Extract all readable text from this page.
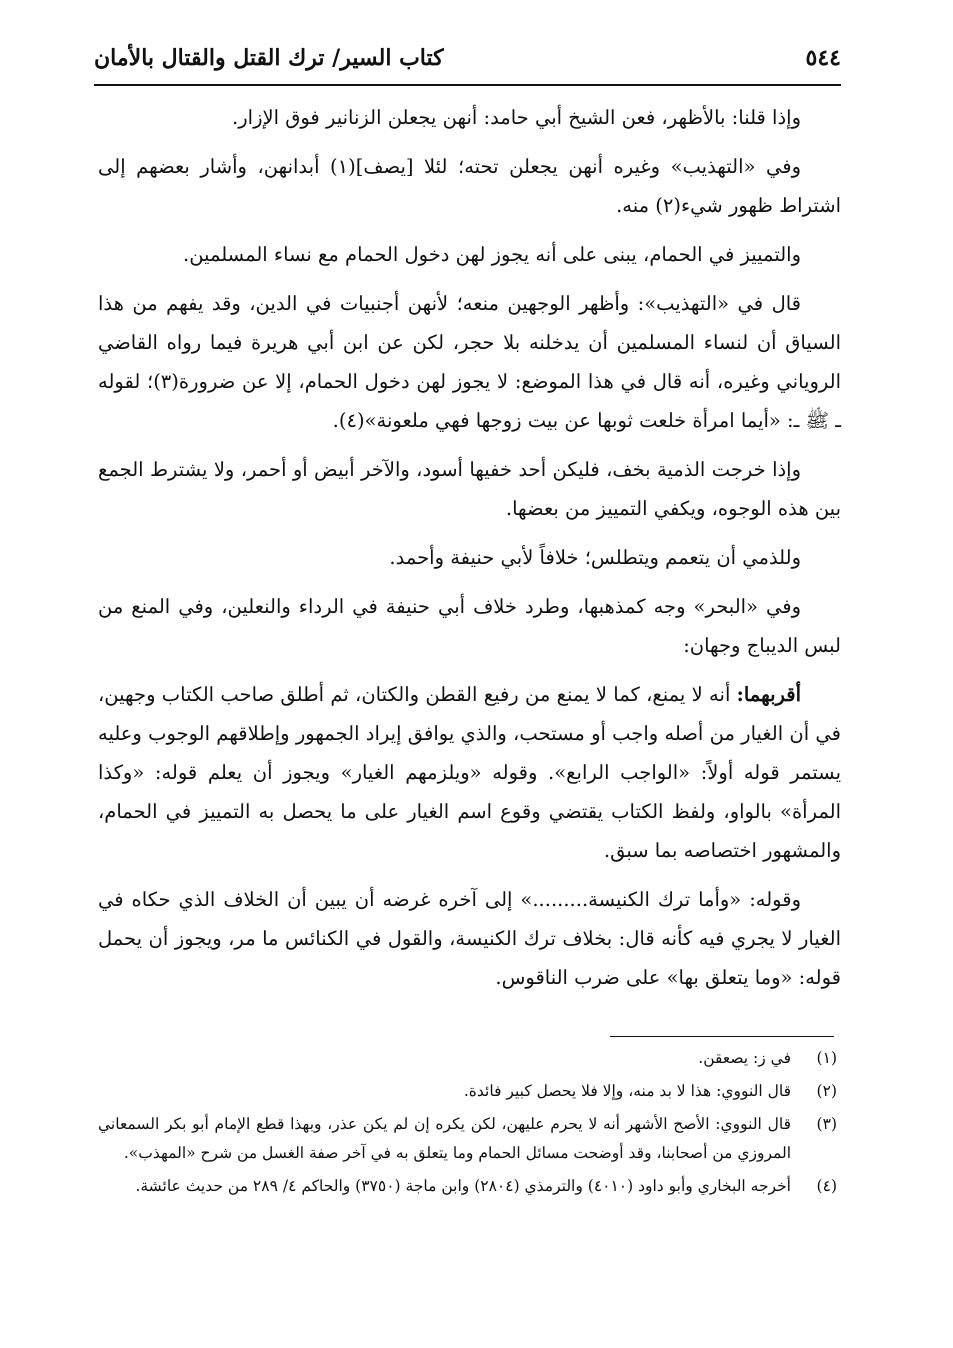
٥٤٤
كتاب السير/ ترك القتل والقتال بالأمان

وإذا قلنا: بالأظهر، فعن الشيخ أبي حامد: أنهن يجعلن الزنانير فوق الإزار.

وفي «التهذيب» وغيره أنهن يجعلن تحته؛ لئلا [يصف](١) أبدانهن، وأشار بعضهم إلى اشتراط ظهور شيء(٢) منه.

والتمييز في الحمام، يبنى على أنه يجوز لهن دخول الحمام مع نساء المسلمين.

قال في «التهذيب»: وأظهر الوجهين منعه؛ لأنهن أجنبيات في الدين، وقد يفهم من هذا السياق أن لنساء المسلمين أن يدخلنه بلا حجر، لكن عن ابن أبي هريرة فيما رواه القاضي الروياني وغيره، أنه قال في هذا الموضع: لا يجوز لهن دخول الحمام، إلا عن ضرورة(٣)؛ لقوله ـ ﷺ ـ: «أيما امرأة خلعت ثوبها عن بيت زوجها فهي ملعونة»(٤).

وإذا خرجت الذمية بخف، فليكن أحد خفيها أسود، والآخر أبيض أو أحمر، ولا يشترط الجمع بين هذه الوجوه، ويكفي التمييز من بعضها.

وللذمي أن يتعمم ويتطلس؛ خلافاً لأبي حنيفة وأحمد.

وفي «البحر» وجه كمذهبها، وطرد خلاف أبي حنيفة في الرداء والنعلين، وفي المنع من لبس الديباج وجهان:

أقربهما: أنه لا يمنع، كما لا يمنع من رفيع القطن والكتان، ثم أطلق صاحب الكتاب وجهين، في أن الغيار من أصله واجب أو مستحب، والذي يوافق إيراد الجمهور وإطلاقهم الوجوب وعليه يستمر قوله أولاً: «الواجب الرابع». وقوله «ويلزمهم الغيار» ويجوز أن يعلم قوله: «وكذا المرأة» بالواو، ولفظ الكتاب يقتضي وقوع اسم الغيار على ما يحصل به التمييز في الحمام، والمشهور اختصاصه بما سبق.

وقوله: «وأما ترك الكنيسة.........» إلى آخره غرضه أن يبين أن الخلاف الذي حكاه في الغيار لا يجري فيه كأنه قال: بخلاف ترك الكنيسة، والقول في الكنائس ما مر، ويجوز أن يحمل قوله: «وما يتعلق بها» على ضرب الناقوس.

(١)
في ز: يصعقن.
(٢)
قال النووي: هذا لا بد منه، وإلا فلا يحصل كبير فائدة.
(٣)
قال النووي: الأصح الأشهر أنه لا يحرم عليهن، لكن يكره إن لم يكن عذر، وبهذا قطع الإمام أبو بكر السمعاني المروزي من أصحابنا، وقد أوضحت مسائل الحمام وما يتعلق به في آخر صفة الغسل من شرح «المهذب».
(٤)
أخرجه البخاري وأبو داود (٤٠١٠) والترمذي (٢٨٠٤) وابن ماجة (٣٧٥٠) والحاكم ٤/ ٢٨٩ من حديث عائشة.
